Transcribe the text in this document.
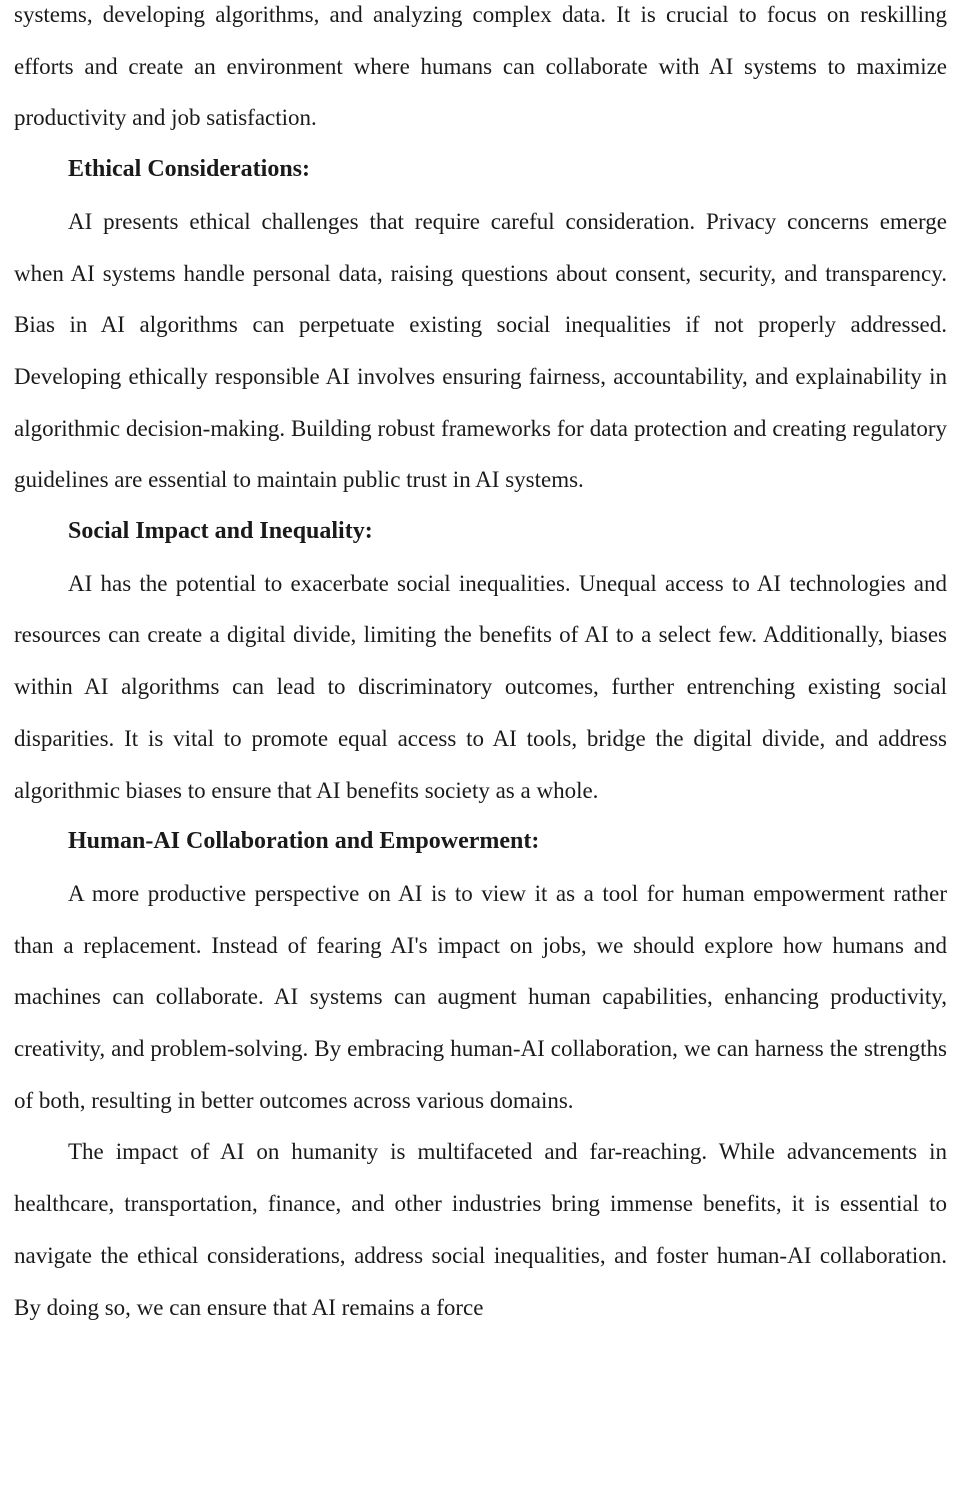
systems, developing algorithms, and analyzing complex data. It is crucial to focus on reskilling efforts and create an environment where humans can collaborate with AI systems to maximize productivity and job satisfaction.

Ethical Considerations:

AI presents ethical challenges that require careful consideration. Privacy concerns emerge when AI systems handle personal data, raising questions about consent, security, and transparency. Bias in AI algorithms can perpetuate existing social inequalities if not properly addressed. Developing ethically responsible AI involves ensuring fairness, accountability, and explainability in algorithmic decision-making. Building robust frameworks for data protection and creating regulatory guidelines are essential to maintain public trust in AI systems.

Social Impact and Inequality:

AI has the potential to exacerbate social inequalities. Unequal access to AI technologies and resources can create a digital divide, limiting the benefits of AI to a select few. Additionally, biases within AI algorithms can lead to discriminatory outcomes, further entrenching existing social disparities. It is vital to promote equal access to AI tools, bridge the digital divide, and address algorithmic biases to ensure that AI benefits society as a whole.

Human-AI Collaboration and Empowerment:

A more productive perspective on AI is to view it as a tool for human empowerment rather than a replacement. Instead of fearing AI's impact on jobs, we should explore how humans and machines can collaborate. AI systems can augment human capabilities, enhancing productivity, creativity, and problem-solving. By embracing human-AI collaboration, we can harness the strengths of both, resulting in better outcomes across various domains.

The impact of AI on humanity is multifaceted and far-reaching. While advancements in healthcare, transportation, finance, and other industries bring immense benefits, it is essential to navigate the ethical considerations, address social inequalities, and foster human-AI collaboration. By doing so, we can ensure that AI remains a force
